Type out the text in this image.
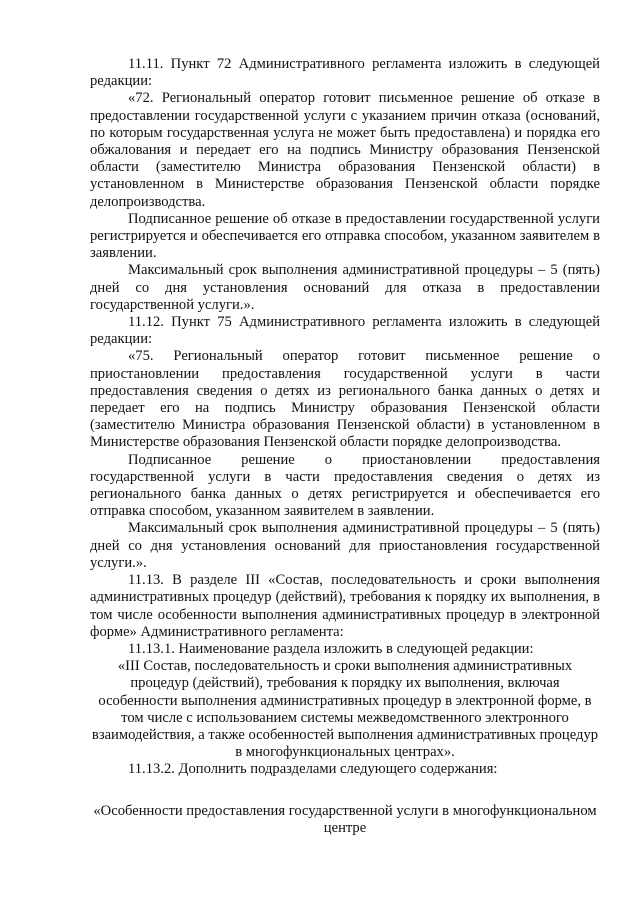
11.11. Пункт 72 Административного регламента изложить в следующей редакции:

«72. Региональный оператор готовит письменное решение об отказе в предоставлении государственной услуги с указанием причин отказа (оснований, по которым государственная услуга не может быть предоставлена) и порядка его обжалования и передает его на подпись Министру образования Пензенской области (заместителю Министра образования Пензенской области) в установленном в Министерстве образования Пензенской области порядке делопроизводства.

Подписанное решение об отказе в предоставлении государственной услуги регистрируется и обеспечивается его отправка способом, указанном заявителем в заявлении.

Максимальный срок выполнения административной процедуры – 5 (пять) дней со дня установления оснований для отказа в предоставлении государственной услуги.».

11.12. Пункт 75 Административного регламента изложить в следующей редакции:

«75. Региональный оператор готовит письменное решение о приостановлении предоставления государственной услуги в части предоставления сведения о детях из регионального банка данных о детях и передает его на подпись Министру образования Пензенской области (заместителю Министра образования Пензенской области) в установленном в Министерстве образования Пензенской области порядке делопроизводства.

Подписанное решение о приостановлении предоставления государственной услуги в части предоставления сведения о детях из регионального банка данных о детях регистрируется и обеспечивается его отправка способом, указанном заявителем в заявлении.

Максимальный срок выполнения административной процедуры – 5 (пять) дней со дня установления оснований для приостановления государственной услуги.».

11.13. В разделе III «Состав, последовательность и сроки выполнения административных процедур (действий), требования к порядку их выполнения, в том числе особенности выполнения административных процедур в электронной форме» Административного регламента:

11.13.1. Наименование раздела изложить в следующей редакции:

«III Состав, последовательность и сроки выполнения административных процедур (действий), требования к порядку их выполнения, включая особенности выполнения административных процедур в электронной форме, в том числе с использованием системы межведомственного электронного взаимодействия, а также особенностей выполнения административных процедур в многофункциональных центрах».

11.13.2. Дополнить подразделами следующего содержания:

«Особенности предоставления государственной услуги в многофункциональном центре
